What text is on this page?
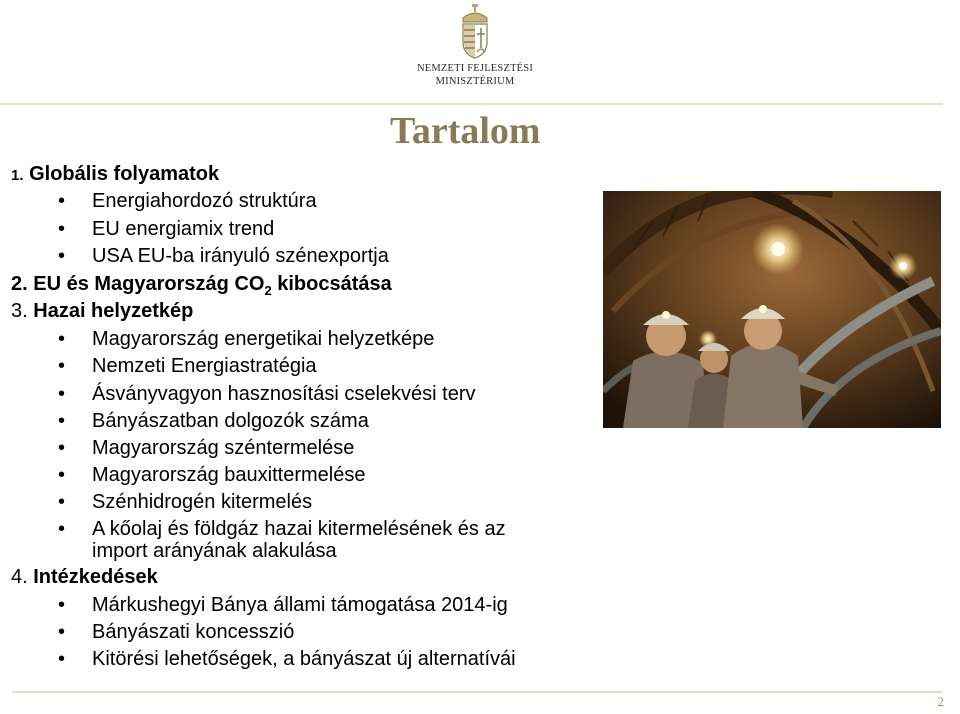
NEMZETI FEJLESZTÉSI
MINISZTÉRIUM
Tartalom
1. Globális folyamatok
• Energiahordozó struktúra
• EU energiamix trend
• USA EU-ba irányuló szénexportja
2. EU és Magyarország $CO_2$ kibocsátása
3. Hazai helyzetkép
• Magyarország energetikai helyzetképe
• Nemzeti Energiastratégia
• Ásványvagyon hasznosítási cselekvési terv
• Bányászatban dolgozók száma
• Magyarország széntermelése
• Magyarország bauxittermelése
• Szénhidrogén kitermelés
• A kőolaj és földgáz hazai kitermelésének és az
import arányának alakulása
4. Intézkedések
• Márkushegyi Bánya állami támogatása 2014-ig
• Bányászati koncesszió
• Kitörési lehetőségek, a bányászat új alternatívái
2
